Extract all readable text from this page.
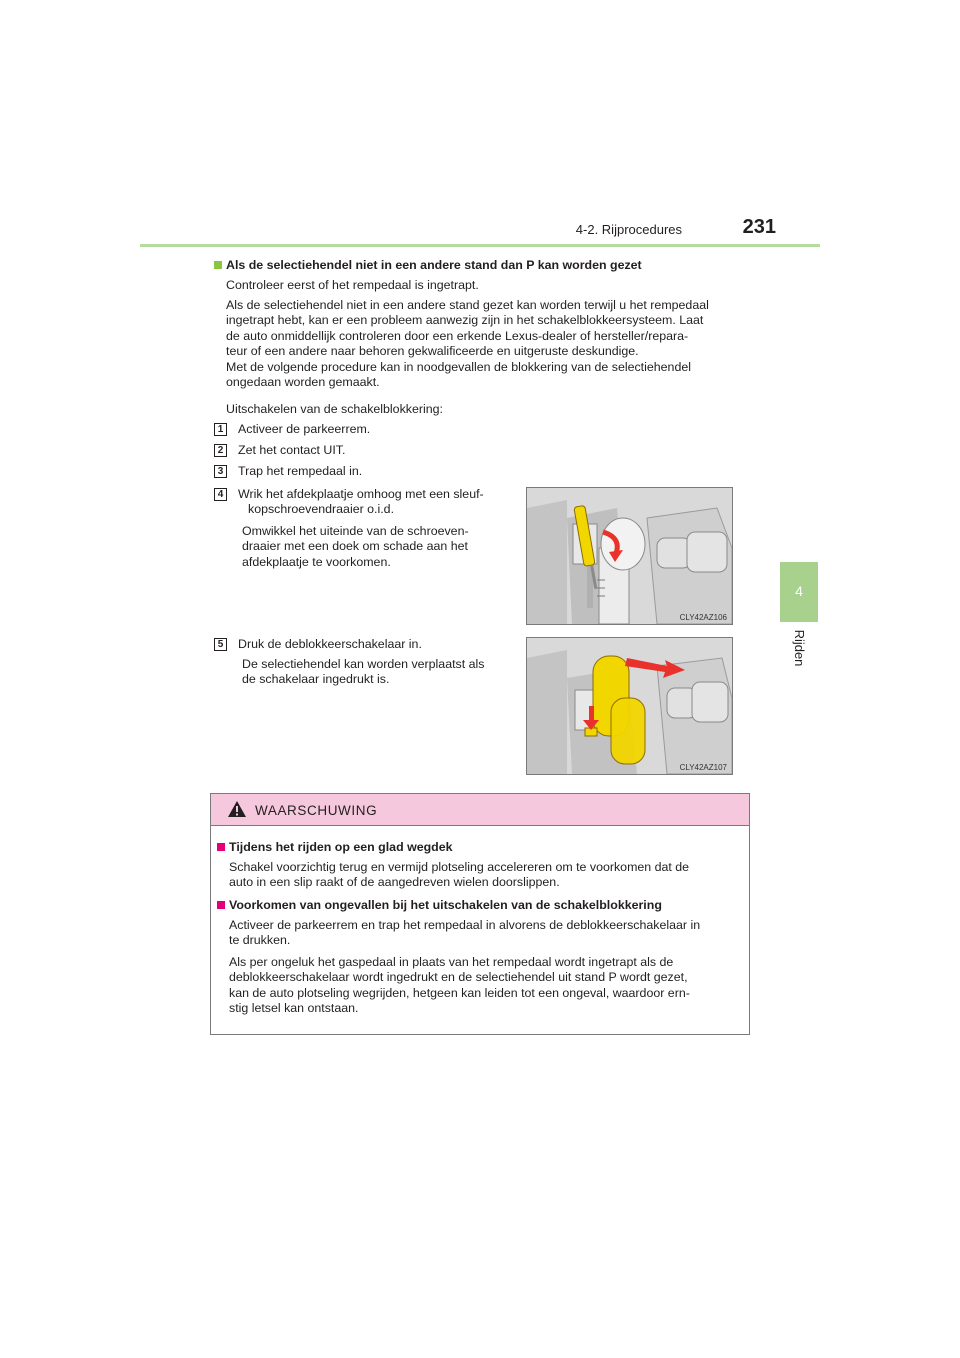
4-2. Rijprocedures	231
4
Rijden
Als de selectiehendel niet in een andere stand dan P kan worden gezet
Controleer eerst of het rempedaal is ingetrapt.
Als de selectiehendel niet in een andere stand gezet kan worden terwijl u het rempedaal
ingetrapt hebt, kan er een probleem aanwezig zijn in het schakelblokkeersysteem. Laat
de auto onmiddellijk controleren door een erkende Lexus-dealer of hersteller/repara-
teur of een andere naar behoren gekwalificeerde en uitgeruste deskundige.
Met de volgende procedure kan in noodgevallen de blokkering van de selectiehendel
ongedaan worden gemaakt.
Uitschakelen van de schakelblokkering:
1 Activeer de parkeerrem.
2 Zet het contact UIT.
3 Trap het rempedaal in.
4 Wrik het afdekplaatje omhoog met een sleuf-
kopschroevendraaier o.i.d.
Omwikkel het uiteinde van de schroeven-
draaier met een doek om schade aan het
afdekplaatje te voorkomen.
CLY42AZ106
5 Druk de deblokkeerschakelaar in.
De selectiehendel kan worden verplaatst als
de schakelaar ingedrukt is.
CLY42AZ107
WAARSCHUWING
Tijdens het rijden op een glad wegdek
Schakel voorzichtig terug en vermijd plotseling accelereren om te voorkomen dat de
auto in een slip raakt of de aangedreven wielen doorslippen.
Voorkomen van ongevallen bij het uitschakelen van de schakelblokkering
Activeer de parkeerrem en trap het rempedaal in alvorens de deblokkeerschakelaar in
te drukken.
Als per ongeluk het gaspedaal in plaats van het rempedaal wordt ingetrapt als de
deblokkeerschakelaar wordt ingedrukt en de selectiehendel uit stand P wordt gezet,
kan de auto plotseling wegrijden, hetgeen kan leiden tot een ongeval, waardoor ern-
stig letsel kan ontstaan.
